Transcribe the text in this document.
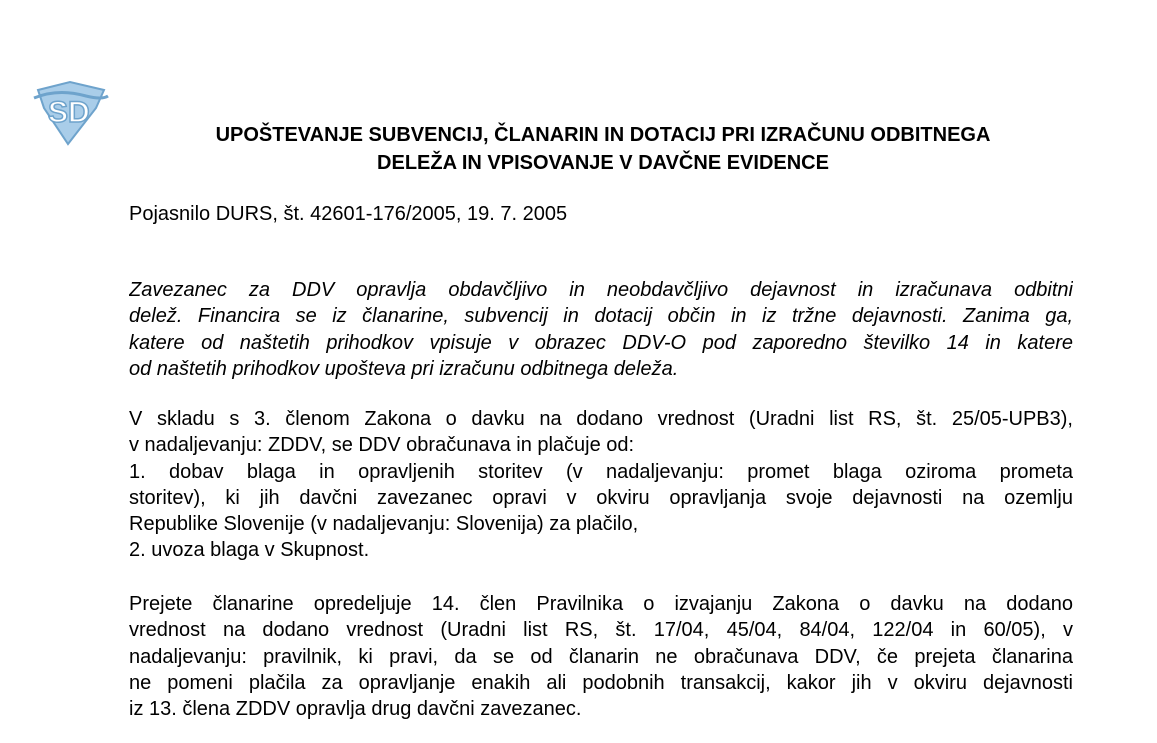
SD
UPOŠTEVANJE SUBVENCIJ, ČLANARIN IN DOTACIJ PRI IZRAČUNU ODBITNEGA
DELEŽA IN VPISOVANJE V DAVČNE EVIDENCE
Pojasnilo DURS, št. 42601-176/2005, 19. 7. 2005
Zavezanec za DDV opravlja obdavčljivo in neobdavčljivo dejavnost in izračunava odbitni
delež. Financira se iz članarine, subvencij in dotacij občin in iz tržne dejavnosti. Zanima ga,
katere od naštetih prihodkov vpisuje v obrazec DDV-O pod zaporedno številko 14 in katere
od naštetih prihodkov upošteva pri izračunu odbitnega deleža.
V skladu s 3. členom Zakona o davku na dodano vrednost (Uradni list RS, št. 25/05-UPB3),
v nadaljevanju: ZDDV, se DDV obračunava in plačuje od:
1. dobav blaga in opravljenih storitev (v nadaljevanju: promet blaga oziroma prometa
storitev), ki jih davčni zavezanec opravi v okviru opravljanja svoje dejavnosti na ozemlju
Republike Slovenije (v nadaljevanju: Slovenija) za plačilo,
2. uvoza blaga v Skupnost.
Prejete članarine opredeljuje 14. člen Pravilnika o izvajanju Zakona o davku na dodano
vrednost na dodano vrednost (Uradni list RS, št. 17/04, 45/04, 84/04, 122/04 in 60/05), v
nadaljevanju: pravilnik, ki pravi, da se od članarin ne obračunava DDV, če prejeta članarina
ne pomeni plačila za opravljanje enakih ali podobnih transakcij, kakor jih v okviru dejavnosti
iz 13. člena ZDDV opravlja drug davčni zavezanec.
